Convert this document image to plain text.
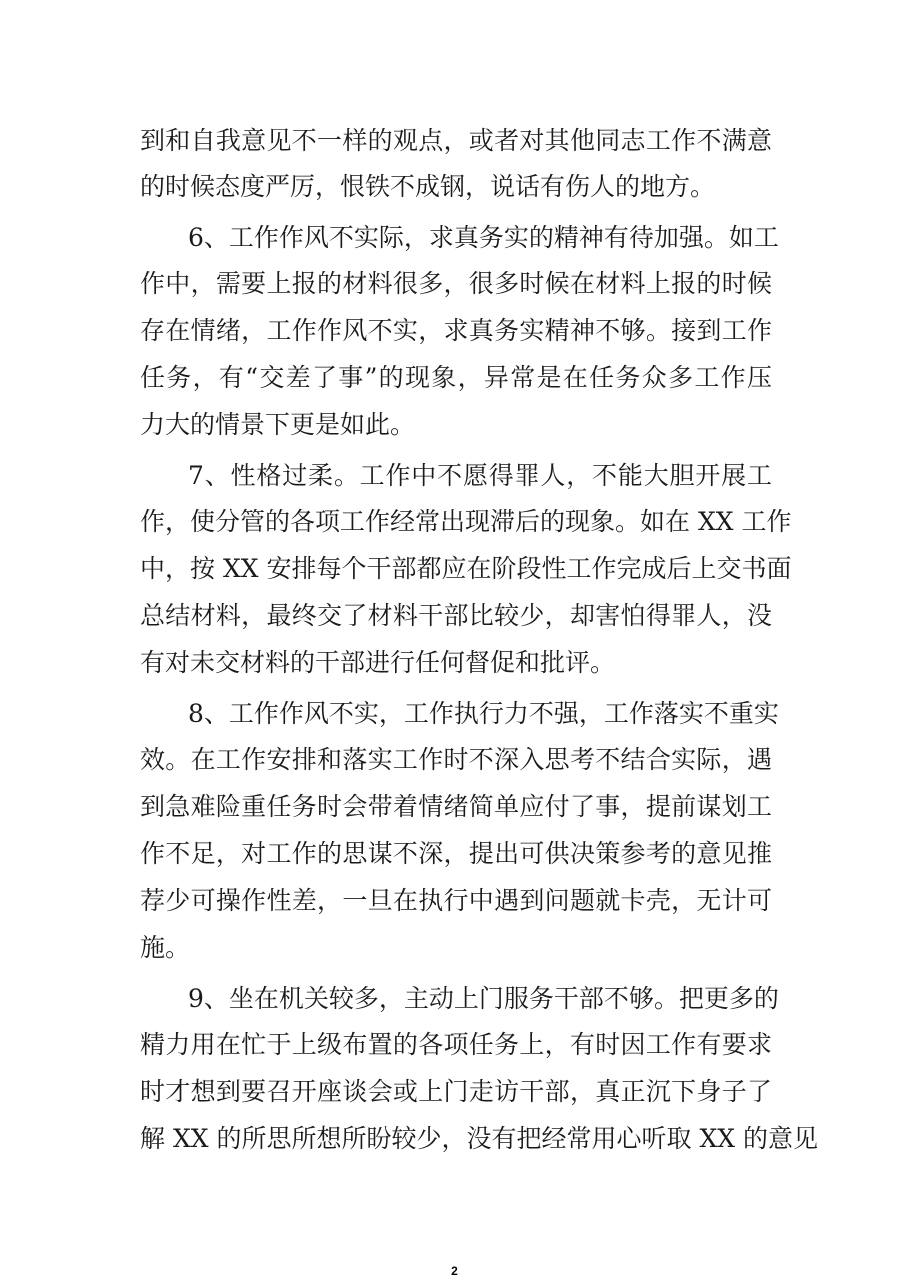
到和自我意见不一样的观点，或者对其他同志工作不满意
的时候态度严厉，恨铁不成钢，说话有伤人的地方。
6、工作作风不实际，求真务实的精神有待加强。如工
作中，需要上报的材料很多，很多时候在材料上报的时候
存在情绪，工作作风不实，求真务实精神不够。接到工作
任务，有“交差了事”的现象，异常是在任务众多工作压
力大的情景下更是如此。
7、性格过柔。工作中不愿得罪人，不能大胆开展工
作，使分管的各项工作经常出现滞后的现象。如在 XX 工作
中，按 XX 安排每个干部都应在阶段性工作完成后上交书面
总结材料，最终交了材料干部比较少，却害怕得罪人，没
有对未交材料的干部进行任何督促和批评。
8、工作作风不实，工作执行力不强，工作落实不重实
效。在工作安排和落实工作时不深入思考不结合实际，遇
到急难险重任务时会带着情绪简单应付了事，提前谋划工
作不足，对工作的思谋不深，提出可供决策参考的意见推
荐少可操作性差，一旦在执行中遇到问题就卡壳，无计可
施。
9、坐在机关较多，主动上门服务干部不够。把更多的
精力用在忙于上级布置的各项任务上，有时因工作有要求
时才想到要召开座谈会或上门走访干部，真正沉下身子了
解 XX 的所思所想所盼较少，没有把经常用心听取 XX 的意见
2
